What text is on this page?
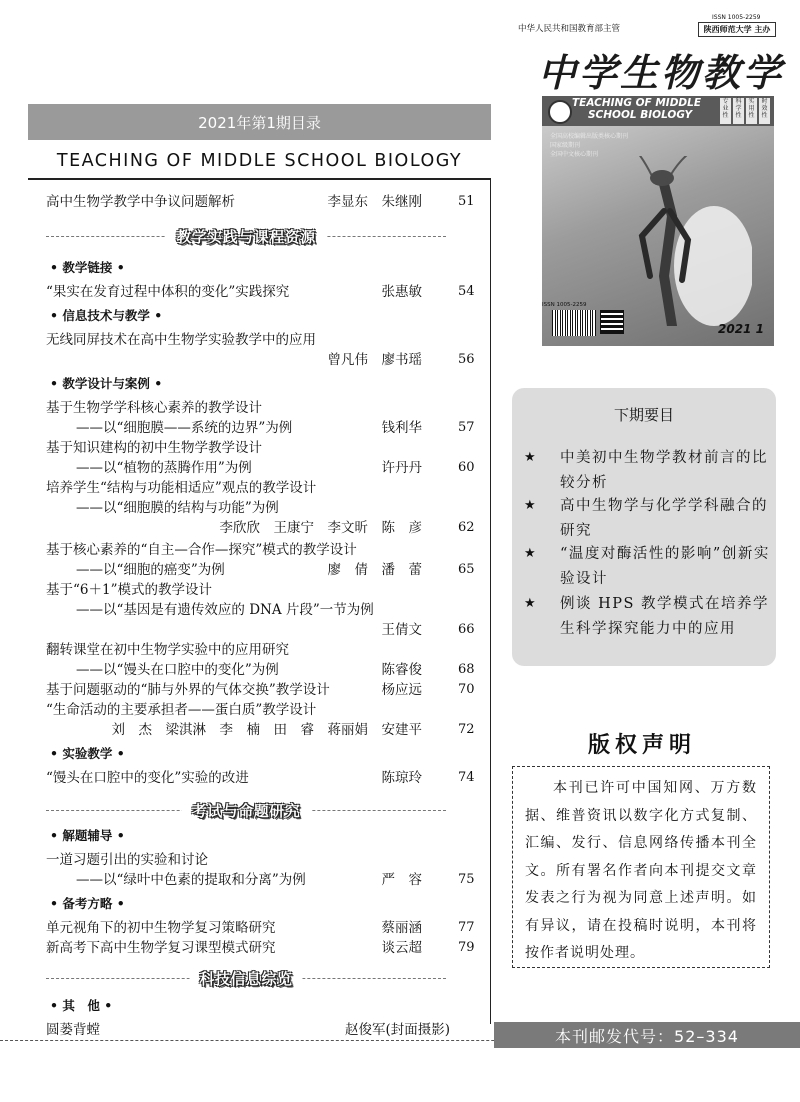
2021年第1期目录
TEACHING OF MIDDLE SCHOOL BIOLOGY
高中生物学教学中争议问题解析	李显东　朱继刚	51
教学实践与课程资源
• 教学链接 •
“果实在发育过程中体积的变化”实践探究	张惠敏	54
• 信息技术与教学 •
无线同屏技术在高中生物学实验教学中的应用
曾凡伟　廖书瑶	56
• 教学设计与案例 •
基于生物学学科核心素养的教学设计
——以“细胞膜——系统的边界”为例	钱利华	57
基于知识建构的初中生物学教学设计
——以“植物的蒸腾作用”为例	许丹丹	60
培养学生“结构与功能相适应”观点的教学设计
——以“细胞膜的结构与功能”为例
李欣欣　王康宁　李文昕　陈　彦	62
基于核心素养的“自主—合作—探究”模式的教学设计
——以“细胞的癌变”为例	廖　倩　潘　蕾	65
基于“6＋1”模式的教学设计
——以“基因是有遗传效应的 DNA 片段”一节为例
王倩文	66
翻转课堂在初中生物学实验中的应用研究
——以“馒头在口腔中的变化”为例	陈睿俊	68
基于问题驱动的“肺与外界的气体交换”教学设计	杨应远	70
“生命活动的主要承担者——蛋白质”教学设计
刘　杰　梁淇淋　李　楠　田　睿　蒋丽娟　安建平	72
• 实验教学 •
“馒头在口腔中的变化”实验的改进	陈琼玲	74
考试与命题研究
• 解题辅导 •
一道习题引出的实验和讨论
——以“绿叶中色素的提取和分离”为例	严　容	75
• 备考方略 •
单元视角下的初中生物学复习策略研究	蔡丽涵	77
新高考下高中生物学复习课型模式研究	谈云超	79
科技信息综览
• 其　他 •
圆蒌背螳	赵俊军(封面摄影)
中华人民共和国教育部主管
ISSN 1005-2259
陕西师范大学 主办
中学生物教学
TEACHING OF MIDDLE
SCHOOL BIOLOGY
专业性
科学性
实用性
时效性
全国高校编辑出版类核心期刊
国家级期刊
全国中文核心期刊
ISSN 1005-2259
2021 1
下期要目
★ 中美初中生物学教材前言的比较分析
★ 高中生物学与化学学科融合的研究
★ “温度对酶活性的影响”创新实验设计
★ 例谈 HPS 教学模式在培养学生科学探究能力中的应用
版权声明
本刊已许可中国知网、万方数据、维普资讯以数字化方式复制、汇编、发行、信息网络传播本刊全文。所有署名作者向本刊提交文章发表之行为视为同意上述声明。如有异议，请在投稿时说明，本刊将按作者说明处理。
本刊邮发代号：52–334
